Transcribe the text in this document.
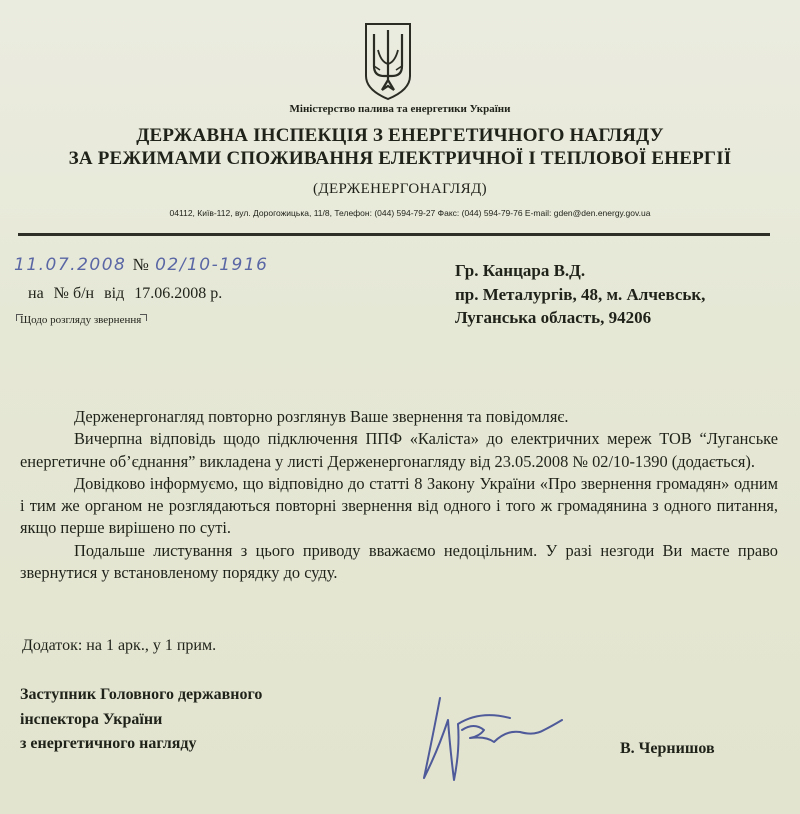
Міністерство палива та енергетики України
ДЕРЖАВНА ІНСПЕКЦІЯ З ЕНЕРГЕТИЧНОГО НАГЛЯДУ
ЗА РЕЖИМАМИ СПОЖИВАННЯ ЕЛЕКТРИЧНОЇ І ТЕПЛОВОЇ ЕНЕРГІЇ
(ДЕРЖЕНЕРГОНАГЛЯД)
04112, Київ-112, вул. Дорогожицька, 11/8, Телефон: (044) 594-79-27 Факс: (044) 594-79-76 E-mail: gden@den.energy.gov.ua
11.07.2008 № 02/10-1916
на № б/н від 17.06.2008 р.
Щодо розгляду звернення
Гр. Канцара В.Д.
пр. Металургів, 48, м. Алчевськ,
Луганська область, 94206

Держенергонагляд повторно розглянув Ваше звернення та повідомляє.

Вичерпна відповідь щодо підключення ППФ «Каліста» до електричних мереж ТОВ “Луганське енергетичне об’єднання” викладена у листі Держенергонагляду від 23.05.2008 № 02/10-1390 (додається).

Довідково інформуємо, що відповідно до статті 8 Закону України «Про звернення громадян» одним і тим же органом не розглядаються повторні звернення від одного і того ж громадянина з одного питання, якщо перше вирішено по суті.

Подальше листування з цього приводу вважаємо недоцільним. У разі незгоди Ви маєте право звернутися у встановленому порядку до суду.

Додаток: на 1 арк., у 1 прим.
Заступник Головного державного
інспектора України
з енергетичного нагляду	В. Чернишов
